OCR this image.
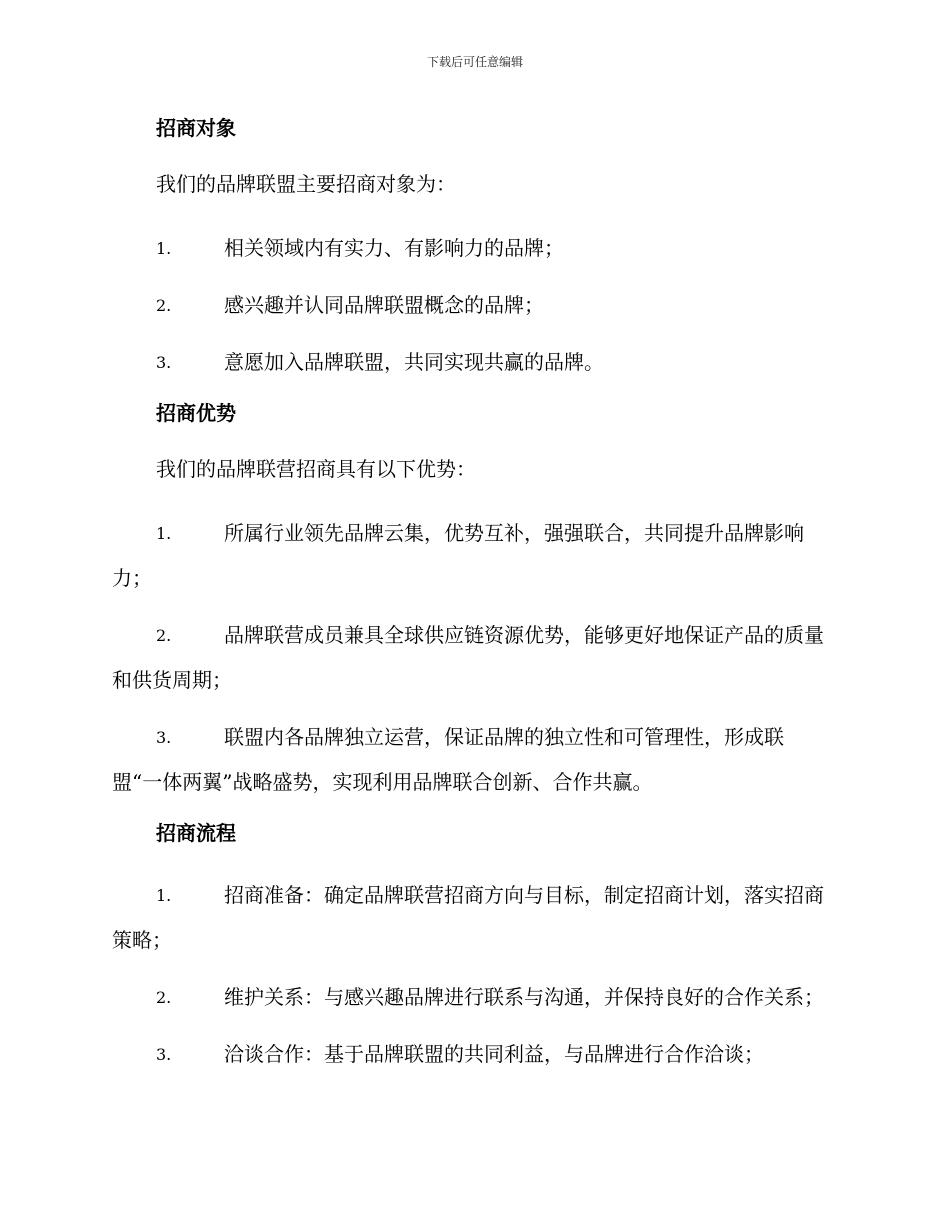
下载后可任意编辑
招商对象
我们的品牌联盟主要招商对象为：
1.	相关领域内有实力、有影响力的品牌；
2.	感兴趣并认同品牌联盟概念的品牌；
3.	意愿加入品牌联盟，共同实现共赢的品牌。
招商优势
我们的品牌联营招商具有以下优势：
1.	所属行业领先品牌云集，优势互补，强强联合，共同提升品牌影响力；
2.	品牌联营成员兼具全球供应链资源优势，能够更好地保证产品的质量和供货周期；
3.	联盟内各品牌独立运营，保证品牌的独立性和可管理性，形成联盟“一体两翼”战略盛势，实现利用品牌联合创新、合作共赢。
招商流程
1.	招商准备：确定品牌联营招商方向与目标，制定招商计划，落实招商策略；
2.	维护关系：与感兴趣品牌进行联系与沟通，并保持良好的合作关系；
3.	洽谈合作：基于品牌联盟的共同利益，与品牌进行合作洽谈；
